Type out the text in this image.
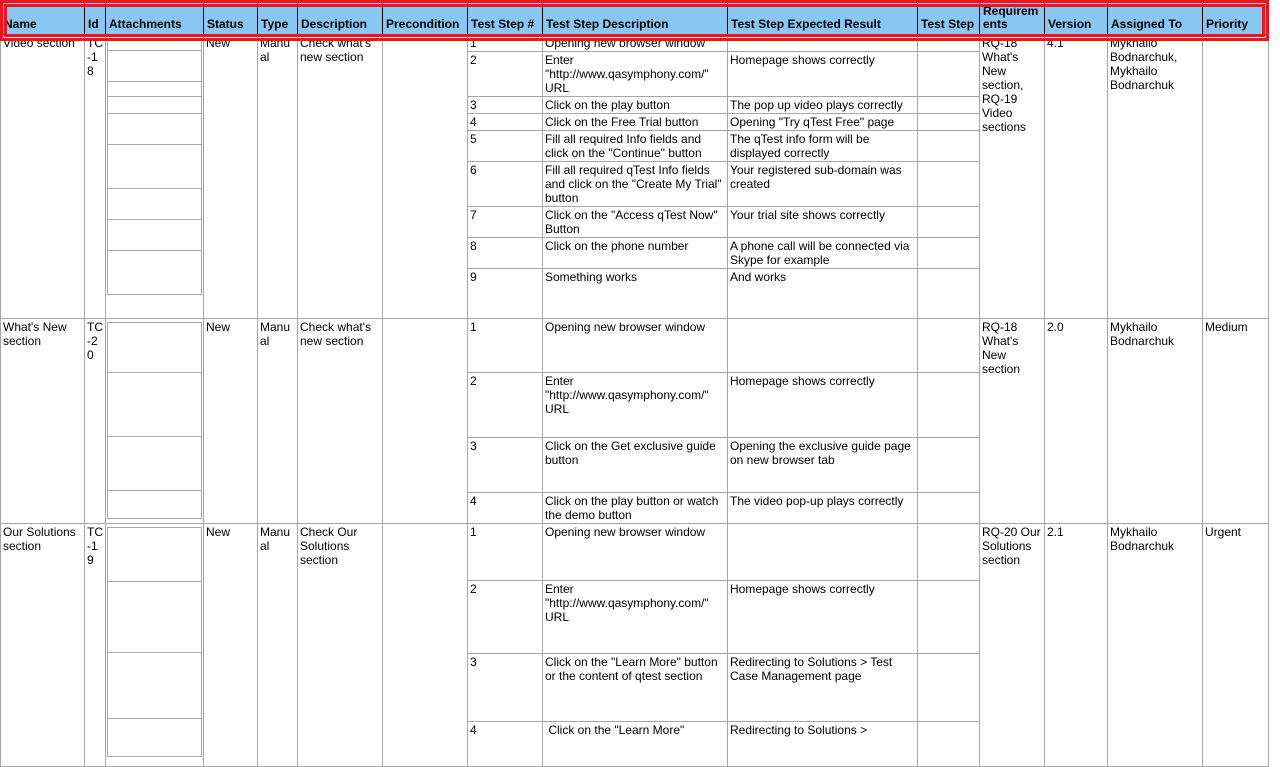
Name	Id	Attachments	Status	Type	Description	Precondition	Test Step #	Test Step Description	Test Step Expected Result	Test Step	Requirements	Version	Assigned To	Priority
Video section	TC-18		New	Manual	Check what's new section		1	Opening new browser window			RQ-18 What's New section, RQ-19 Video sections	4.1	Mykhailo Bodnarchuk, Mykhailo Bodnarchuk	
							2	Enter "http://www.qasymphony.com/" URL	Homepage shows correctly					
							3	Click on the play button	The pop up video plays correctly					
							4	Click on the Free Trial button	Opening "Try qTest Free" page					
							5	Fill all required Info fields and click on the "Continue" button	The qTest info form will be displayed correctly					
							6	Fill all required qTest Info fields and click on the "Create My Trial" button	Your registered sub-domain was created					
							7	Click on the "Access qTest Now" Button	Your trial site shows correctly					
							8	Click on the phone number	A phone call will be connected via Skype for example					
							9	Something works	And works					
What's New section	TC-20		New	Manual	Check what's new section		1	Opening new browser window			RQ-18 What's New section	2.0	Mykhailo Bodnarchuk	Medium
							2	Enter "http://www.qasymphony.com/" URL	Homepage shows correctly					
							3	Click on the Get exclusive guide button	Opening the exclusive guide page on new browser tab					
							4	Click on the play button or watch the demo button	The video pop-up plays correctly					
Our Solutions section	TC-19		New	Manual	Check Our Solutions section		1	Opening new browser window			RQ-20 Our Solutions section	2.1	Mykhailo Bodnarchuk	Urgent
							2	Enter "http://www.qasymphony.com/" URL	Homepage shows correctly					
							3	Click on the "Learn More" button or the content of qtest section	Redirecting to Solutions > Test Case Management page					
							4	Click on the "Learn More"	Redirecting to Solutions >					
